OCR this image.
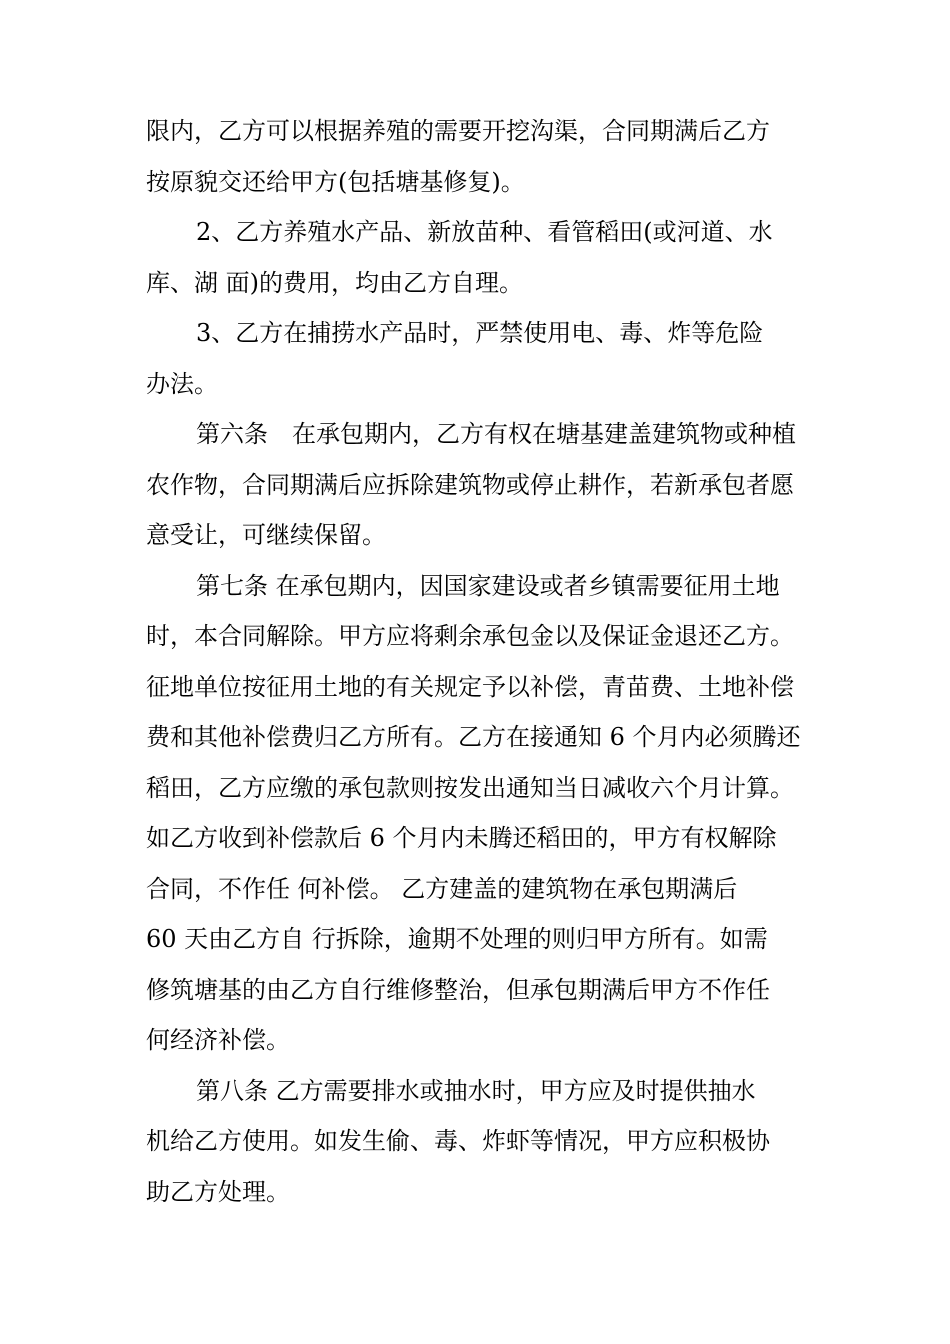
限内，乙方可以根据养殖的需要开挖沟渠，合同期满后乙方
按原貌交还给甲方(包括塘基修复)。
2、乙方养殖水产品、新放苗种、看管稻田(或河道、水
库、湖 面)的费用，均由乙方自理。
3、乙方在捕捞水产品时，严禁使用电、毒、炸等危险
办法。
第六条　在承包期内，乙方有权在塘基建盖建筑物或种植
农作物，合同期满后应拆除建筑物或停止耕作，若新承包者愿
意受让，可继续保留。
第七条 在承包期内，因国家建设或者乡镇需要征用土地
时，本合同解除。甲方应将剩余承包金以及保证金退还乙方。
征地单位按征用土地的有关规定予以补偿，青苗费、土地补偿
费和其他补偿费归乙方所有。乙方在接通知 6 个月内必须腾还
稻田，乙方应缴的承包款则按发出通知当日减收六个月计算。
如乙方收到补偿款后 6 个月内未腾还稻田的，甲方有权解除
合同，不作任 何补偿。 乙方建盖的建筑物在承包期满后
60 天由乙方自 行拆除，逾期不处理的则归甲方所有。如需
修筑塘基的由乙方自行维修整治，但承包期满后甲方不作任
何经济补偿。
第八条 乙方需要排水或抽水时，甲方应及时提供抽水
机给乙方使用。如发生偷、毒、炸虾等情况，甲方应积极协
助乙方处理。
